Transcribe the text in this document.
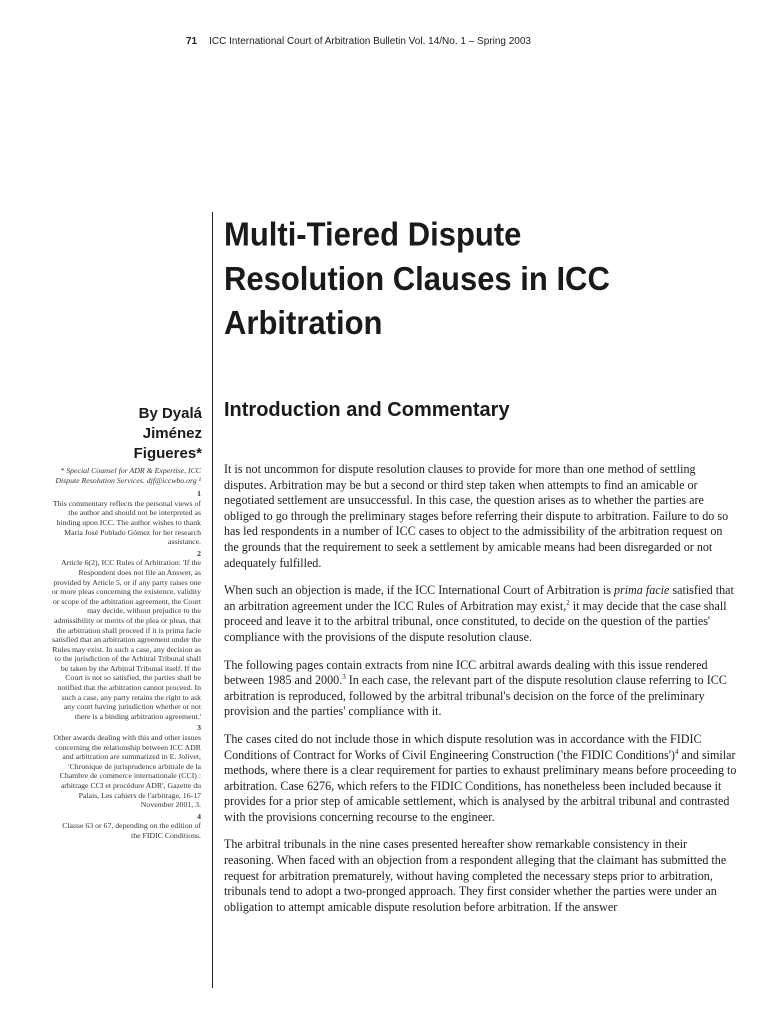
71 ICC International Court of Arbitration Bulletin Vol. 14/No. 1 – Spring 2003
Multi-Tiered Dispute
Resolution Clauses in ICC
Arbitration
Introduction and Commentary
By Dyalá
Jiménez
Figueres*
* Special Counsel for ADR & Expertise, ICC Dispute Resolution Services. djf@iccwbo.org ¹
1
This commentary reflects the personal views of the author and should not be interpreted as binding upon ICC. The author wishes to thank María José Poblado Gómez for her research assistance.
2
Article 6(2), ICC Rules of Arbitration: 'If the Respondent does not file an Answer, as provided by Article 5, or if any party raises one or more pleas concerning the existence, validity or scope of the arbitration agreement, the Court may decide, without prejudice to the admissibility or merits of the plea or pleas, that the arbitration shall proceed if it is prima facie satisfied that an arbitration agreement under the Rules may exist. In such a case, any decision as to the jurisdiction of the Arbitral Tribunal shall be taken by the Arbitral Tribunal itself. If the Court is not so satisfied, the parties shall be notified that the arbitration cannot proceed. In such a case, any party retains the right to ask any court having jurisdiction whether or not there is a binding arbitration agreement.'
3
Other awards dealing with this and other issues concerning the relationship between ICC ADR and arbitration are summarized in E. Jolivet, 'Chronique de jurisprudence arbitrale de la Chambre de commerce internationale (CCI) : arbitrage CCI et procédure ADR', Gazette du Palais, Les cahiers de l'arbitrage, 16-17 November 2001, 3.
4
Clause 63 or 67, depending on the edition of the FIDIC Conditions.

It is not uncommon for dispute resolution clauses to provide for more than one method of settling disputes. Arbitration may be but a second or third step taken when attempts to find an amicable or negotiated settlement are unsuccessful. In this case, the question arises as to whether the parties are obliged to go through the preliminary stages before referring their dispute to arbitration. Failure to do so has led respondents in a number of ICC cases to object to the admissibility of the arbitration request on the grounds that the requirement to seek a settlement by amicable means had been disregarded or not adequately fulfilled.

When such an objection is made, if the ICC International Court of Arbitration is prima facie satisfied that an arbitration agreement under the ICC Rules of Arbitration may exist,$^2$ it may decide that the case shall proceed and leave it to the arbitral tribunal, once constituted, to decide on the question of the parties' compliance with the provisions of the dispute resolution clause.

The following pages contain extracts from nine ICC arbitral awards dealing with this issue rendered between 1985 and 2000.$^3$ In each case, the relevant part of the dispute resolution clause referring to ICC arbitration is reproduced, followed by the arbitral tribunal's decision on the force of the preliminary provision and the parties' compliance with it.

The cases cited do not include those in which dispute resolution was in accordance with the FIDIC Conditions of Contract for Works of Civil Engineering Construction ('the FIDIC Conditions')$^4$ and similar methods, where there is a clear requirement for parties to exhaust preliminary means before proceeding to arbitration. Case 6276, which refers to the FIDIC Conditions, has nonetheless been included because it provides for a prior step of amicable settlement, which is analysed by the arbitral tribunal and contrasted with the provisions concerning recourse to the engineer.

The arbitral tribunals in the nine cases presented hereafter show remarkable consistency in their reasoning. When faced with an objection from a respondent alleging that the claimant has submitted the request for arbitration prematurely, without having completed the necessary steps prior to arbitration, tribunals tend to adopt a two-pronged approach. They first consider whether the parties were under an obligation to attempt amicable dispute resolution before arbitration. If the answer
